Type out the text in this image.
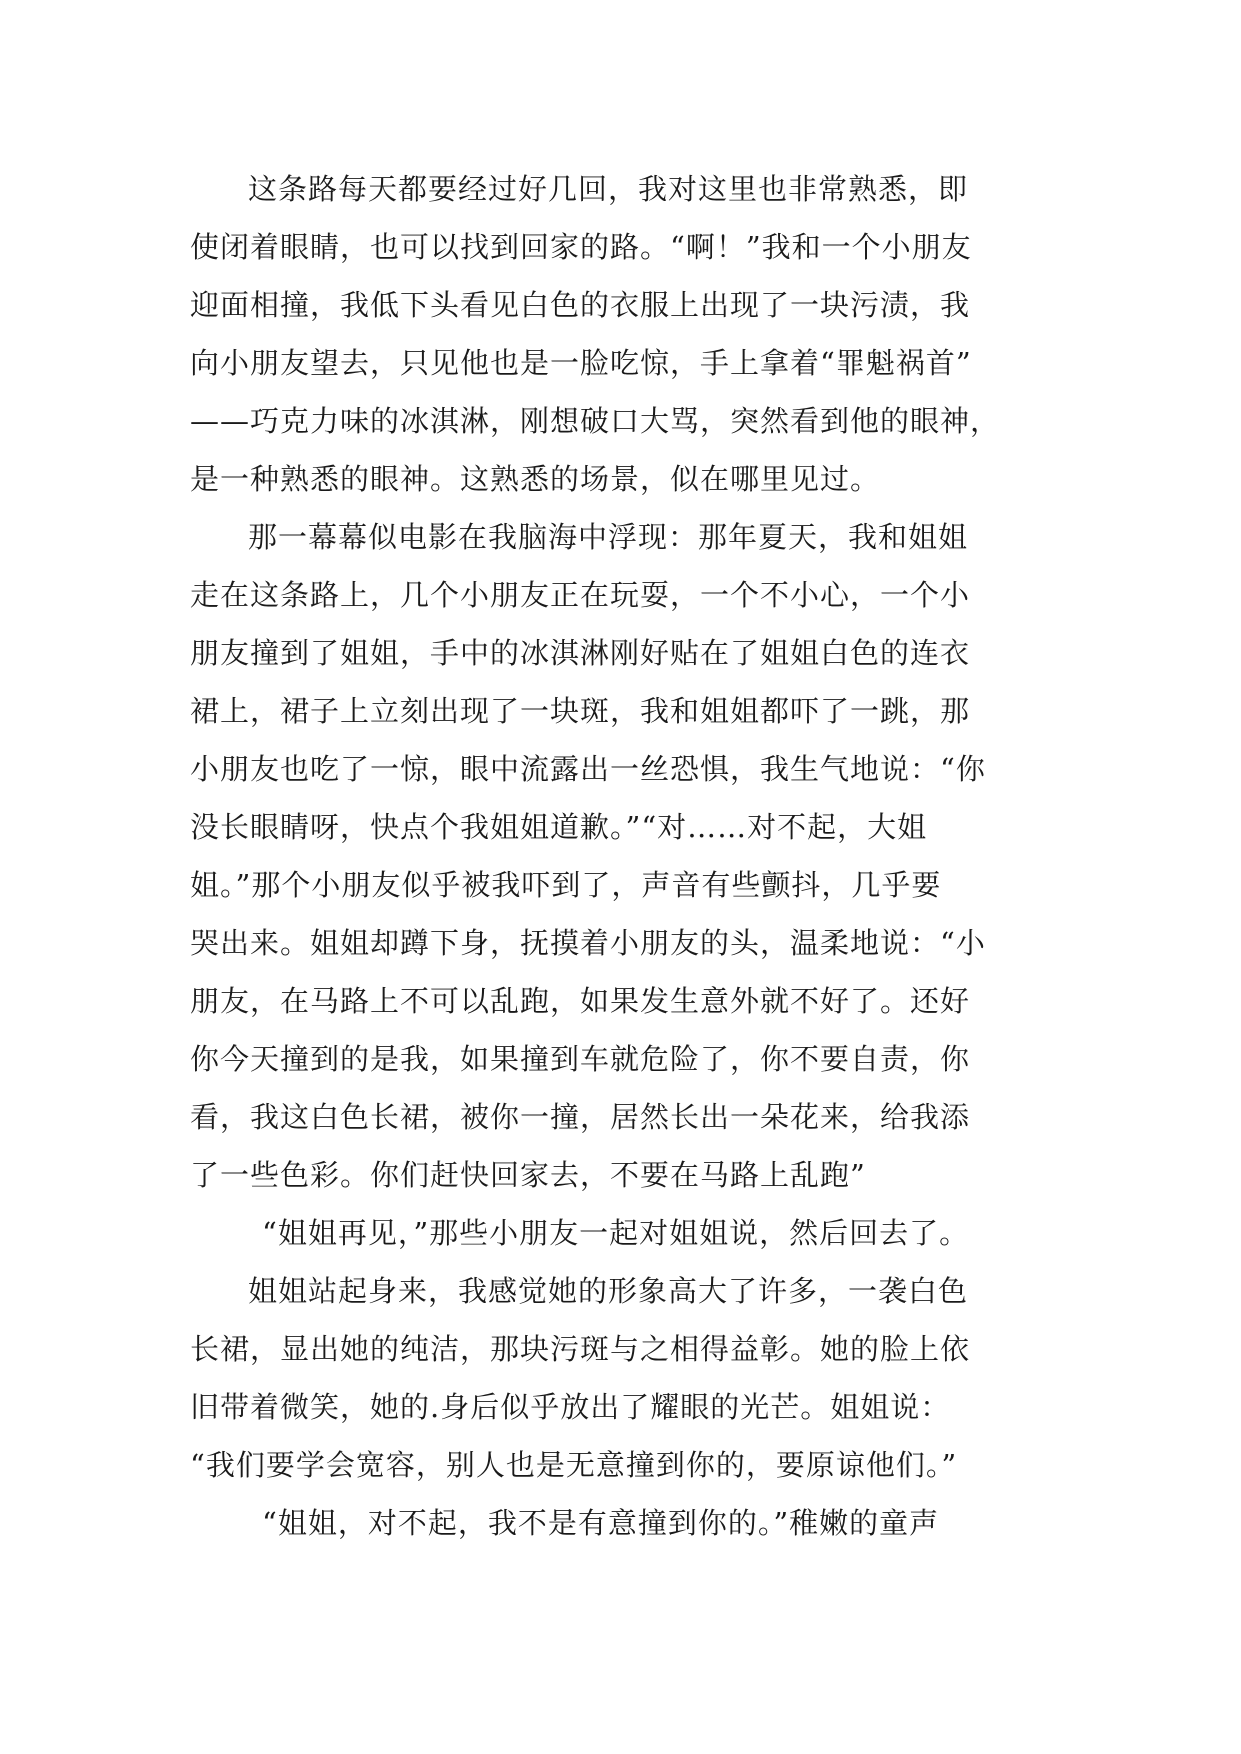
这条路每天都要经过好几回，我对这里也非常熟悉，即
使闭着眼睛，也可以找到回家的路。“啊！”我和一个小朋友
迎面相撞，我低下头看见白色的衣服上出现了一块污渍，我
向小朋友望去，只见他也是一脸吃惊，手上拿着“罪魁祸首”
——巧克力味的冰淇淋，刚想破口大骂，突然看到他的眼神，
是一种熟悉的眼神。这熟悉的场景，似在哪里见过。
那一幕幕似电影在我脑海中浮现：那年夏天，我和姐姐
走在这条路上，几个小朋友正在玩耍，一个不小心，一个小
朋友撞到了姐姐，手中的冰淇淋刚好贴在了姐姐白色的连衣
裙上，裙子上立刻出现了一块斑，我和姐姐都吓了一跳，那
小朋友也吃了一惊，眼中流露出一丝恐惧，我生气地说：“你
没长眼睛呀，快点个我姐姐道歉。”“对……对不起，大姐
姐。”那个小朋友似乎被我吓到了，声音有些颤抖，几乎要
哭出来。姐姐却蹲下身，抚摸着小朋友的头，温柔地说：“小
朋友，在马路上不可以乱跑，如果发生意外就不好了。还好
你今天撞到的是我，如果撞到车就危险了，你不要自责，你
看，我这白色长裙，被你一撞，居然长出一朵花来，给我添
了一些色彩。你们赶快回家去，不要在马路上乱跑”
“姐姐再见，”那些小朋友一起对姐姐说，然后回去了。
姐姐站起身来，我感觉她的形象高大了许多，一袭白色
长裙，显出她的纯洁，那块污斑与之相得益彰。她的脸上依
旧带着微笑，她的.身后似乎放出了耀眼的光芒。姐姐说：
“我们要学会宽容，别人也是无意撞到你的，要原谅他们。”
“姐姐，对不起，我不是有意撞到你的。”稚嫩的童声
